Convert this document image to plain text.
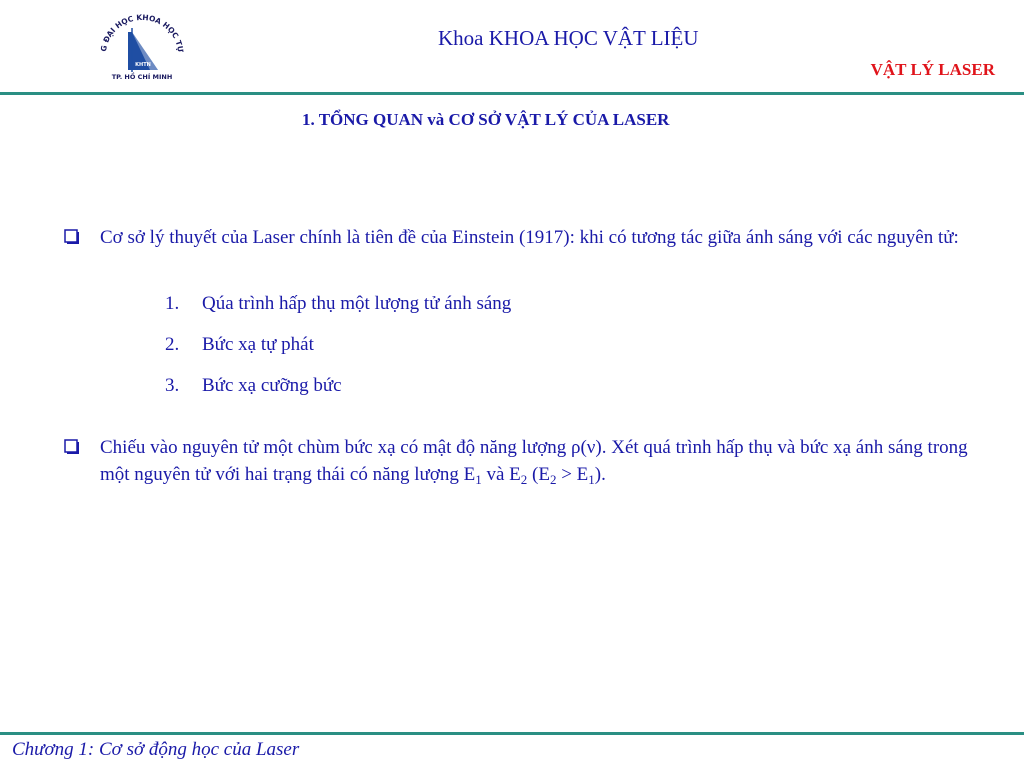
G ĐẠI HỌC KHOA HỌC TỰ
KHTN
TP. HỒ CHÍ MINH
Khoa KHOA HỌC VẬT LIỆU
VẬT LÝ LASER
1. TỔNG QUAN và CƠ SỞ VẬT LÝ CỦA LASER
Cơ sở lý thuyết của Laser chính là tiên đề của Einstein (1917): khi có tương tác giữa ánh sáng với các nguyên tử:
1. Qúa trình hấp thụ một lượng tử ánh sáng
2. Bức xạ tự phát
3. Bức xạ cưỡng bức
Chiếu vào nguyên tử một chùm bức xạ có mật độ năng lượng ρ(ν). Xét quá trình hấp thụ và bức xạ ánh sáng trong một nguyên tử với hai trạng thái có năng lượng $E_1$ và $E_2$ $(E_2 > E_1)$.
Chương 1: Cơ sở động học của Laser
